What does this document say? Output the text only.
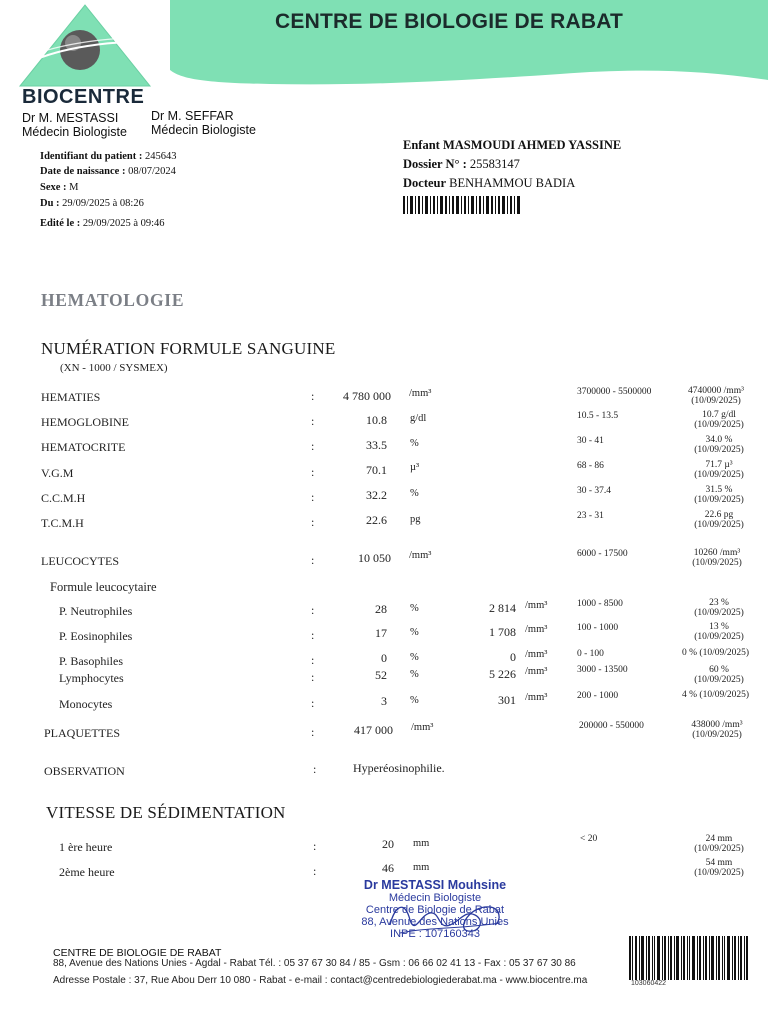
CENTRE DE BIOLOGIE DE RABAT
BIOCENTRE
Dr M. MESTASSI
Médecin Biologiste
Dr M. SEFFAR
Médecin Biologiste
Identifiant du patient : 245643
Date de naissance : 08/07/2024
Sexe : M
Du : 29/09/2025 à 08:26
Edité le : 29/09/2025 à 09:46
Enfant MASMOUDI AHMED YASSINE
Dossier N° : 25583147
Docteur BENHAMMOU BADIA
HEMATOLOGIE
NUMÉRATION FORMULE SANGUINE
(XN - 1000 / SYSMEX)
HEMATIES	:	4 780 000 /mm³	3700000 - 5500000	4740000 /mm³
(10/09/2025)
HEMOGLOBINE	:	10.8 g/dl	10.5 - 13.5	10.7 g/dl
(10/09/2025)
HEMATOCRITE	:	33.5 %	30 - 41	34.0 %
(10/09/2025)
V.G.M	:	70.1 µ³	68 - 86	71.7 µ³
(10/09/2025)
C.C.M.H	:	32.2 %	30 - 37.4	31.5 %
(10/09/2025)
T.C.M.H	:	22.6 pg	23 - 31	22.6 pg
(10/09/2025)
LEUCOCYTES	:	10 050 /mm³	6000 - 17500	10260 /mm³
(10/09/2025)
Formule leucocytaire
P. Neutrophiles	:	28 %	2 814 /mm³	1000 - 8500	23 %
(10/09/2025)
P. Eosinophiles	:	17 %	1 708 /mm³	100 - 1000	13 %
(10/09/2025)
P. Basophiles	:	0 %	0 /mm³	0 - 100	0 % (10/09/2025)
Lymphocytes	:	52 %	5 226 /mm³	3000 - 13500	60 %
(10/09/2025)
Monocytes	:	3 %	301 /mm³	200 - 1000	4 % (10/09/2025)
PLAQUETTES	:	417 000 /mm³	200000 - 550000	438000 /mm³
(10/09/2025)
OBSERVATION	:	Hyperéosinophilie.
VITESSE DE SÉDIMENTATION
1 ère heure	:	20 mm	< 20	24 mm
(10/09/2025)
2ème heure	:	46 mm	54 mm
(10/09/2025)
Dr MESTASSI Mouhsine
Médecin Biologiste
Centre de Biologie de Rabat
88, Avenue des Nations Unies
INPE : 107160343
CENTRE DE BIOLOGIE DE RABAT
88, Avenue des Nations Unies - Agdal - Rabat Tél. : 05 37 67 30 84 / 85 - Gsm : 06 66 02 41 13 - Fax : 05 37 67 30 86
Adresse Postale : 37, Rue Abou Derr 10 080 - Rabat - e-mail : contact@centredebiologiederabat.ma - www.biocentre.ma	103060422
